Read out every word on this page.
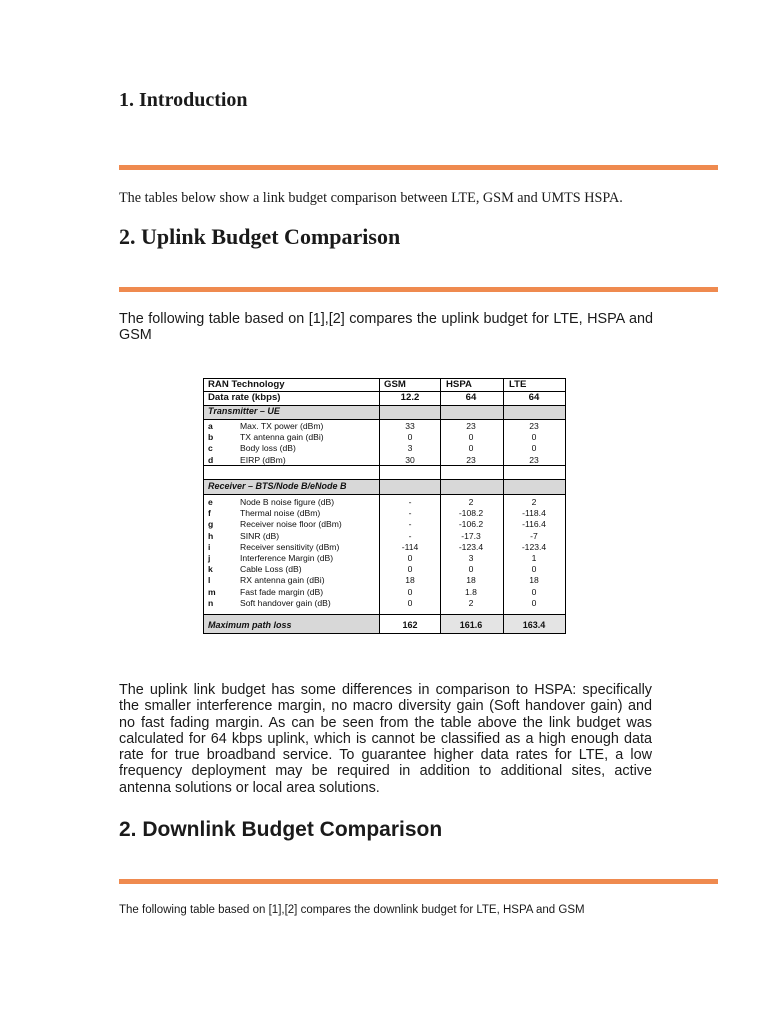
1. Introduction
The tables below show a link budget comparison between LTE, GSM and UMTS HSPA.
2. Uplink Budget Comparison
The following table based on [1],[2] compares the uplink budget for LTE, HSPA and GSM
RAN Technology	GSM	HSPA	LTE
Data rate (kbps)	12.2	64	64
Transmitter – UE
a	Max. TX power (dBm)	33	23	23
b	TX antenna gain (dBi)	0	0	0
c	Body loss (dB)	3	0	0
d	EIRP (dBm)	30	23	23
Receiver – BTS/Node B/eNode B
e	Node B noise figure (dB)	-	2	2
f	Thermal noise (dBm)	-	-108.2	-118.4
g	Receiver noise floor (dBm)	-	-106.2	-116.4
h	SINR (dB)	-	-17.3	-7
i	Receiver sensitivity (dBm)	-114	-123.4	-123.4
j	Interference Margin (dB)	0	3	1
k	Cable Loss (dB)	0	0	0
l	RX antenna gain (dBi)	18	18	18
m	Fast fade margin (dB)	0	1.8	0
n	Soft handover gain (dB)	0	2	0
Maximum path loss	162	161.6	163.4
The uplink link budget has some differences in comparison to HSPA: specifically the smaller interference margin, no macro diversity gain (Soft handover gain) and no fast fading margin. As can be seen from the table above the link budget was calculated for 64 kbps uplink, which is cannot be classified as a high enough data rate for true broadband service. To guarantee higher data rates for LTE, a low frequency deployment may be required in addition to additional sites, active antenna solutions or local area solutions.
2. Downlink Budget Comparison
The following table based on [1],[2] compares the downlink budget for LTE, HSPA and GSM
